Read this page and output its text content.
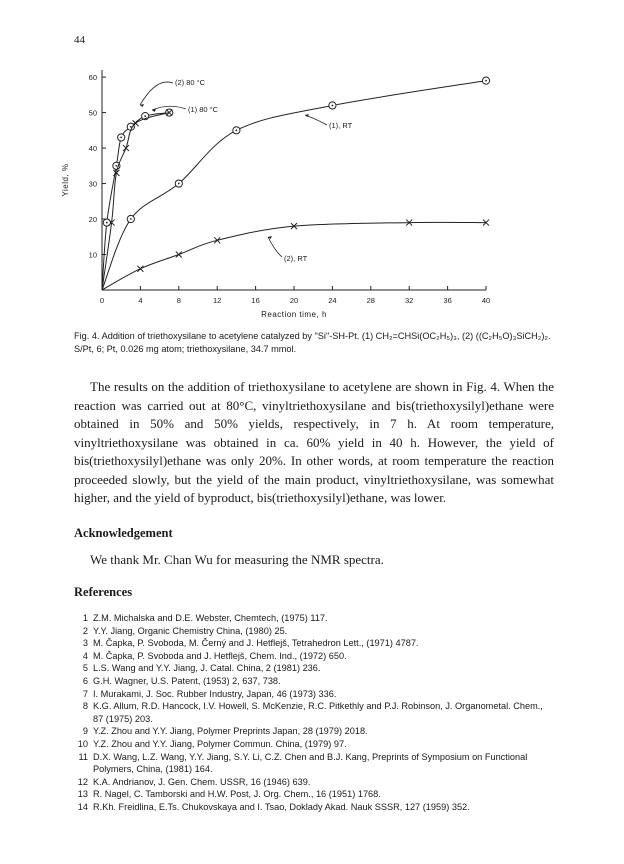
44
0	4	8	12	16	20	24	28	32	36	40
10
20
30
40
50
60
Reaction time, h
Yield, %
(2) 80 °C
(1) 80 °C
(1), RT
(2), RT
Fig. 4. Addition of triethoxysilane to acetylene catalyzed by "Si"-SH-Pt. (1) CH₂=CHSi(OC₂H₅)₃, (2) ((C₂H₅O)₃SiCH₂)₂. S/Pt, 6; Pt, 0.026 mg atom; triethoxysilane, 34.7 mmol.

The results on the addition of triethoxysilane to acetylene are shown in Fig. 4. When the reaction was carried out at 80°C, vinyltriethoxysilane and bis(triethoxysilyl)ethane were obtained in 50% and 50% yields, respectively, in 7 h. At room temperature, vinyltriethoxysilane was obtained in ca. 60% yield in 40 h. However, the yield of bis(triethoxysilyl)ethane was only 20%. In other words, at room temperature the reaction proceeded slowly, but the yield of the main product, vinyltriethoxysilane, was somewhat higher, and the yield of byproduct, bis(triethoxysilyl)ethane, was lower.

Acknowledgement

We thank Mr. Chan Wu for measuring the NMR spectra.

References
1 Z.M. Michalska and D.E. Webster, Chemtech, (1975) 117.
2 Y.Y. Jiang, Organic Chemistry China, (1980) 25.
3 M. Čapka, P. Svoboda, M. Černý and J. Hetflejš, Tetrahedron Lett., (1971) 4787.
4 M. Čapka, P. Svoboda and J. Hetflejš, Chem. Ind., (1972) 650.
5 L.S. Wang and Y.Y. Jiang, J. Catal. China, 2 (1981) 236.
6 G.H. Wagner, U.S. Patent, (1953) 2, 637, 738.
7 I. Murakami, J. Soc. Rubber Industry, Japan, 46 (1973) 336.
8 K.G. Allum, R.D. Hancock, I.V. Howell, S. McKenzie, R.C. Pitkethly and P.J. Robinson, J. Organometal. Chem., 87 (1975) 203.
9 Y.Z. Zhou and Y.Y. Jiang, Polymer Preprints Japan, 28 (1979) 2018.
10 Y.Z. Zhou and Y.Y. Jiang, Polymer Commun. China, (1979) 97.
11 D.X. Wang, L.Z. Wang, Y.Y. Jiang, S.Y. Li, C.Z. Chen and B.J. Kang, Preprints of Symposium on Functional Polymers, China, (1981) 164.
12 K.A. Andrianov, J. Gen. Chem. USSR, 16 (1946) 639.
13 R. Nagel, C. Tamborski and H.W. Post, J. Org. Chem., 16 (1951) 1768.
14 R.Kh. Freidlina, E.Ts. Chukovskaya and I. Tsao, Doklady Akad. Nauk SSSR, 127 (1959) 352.
